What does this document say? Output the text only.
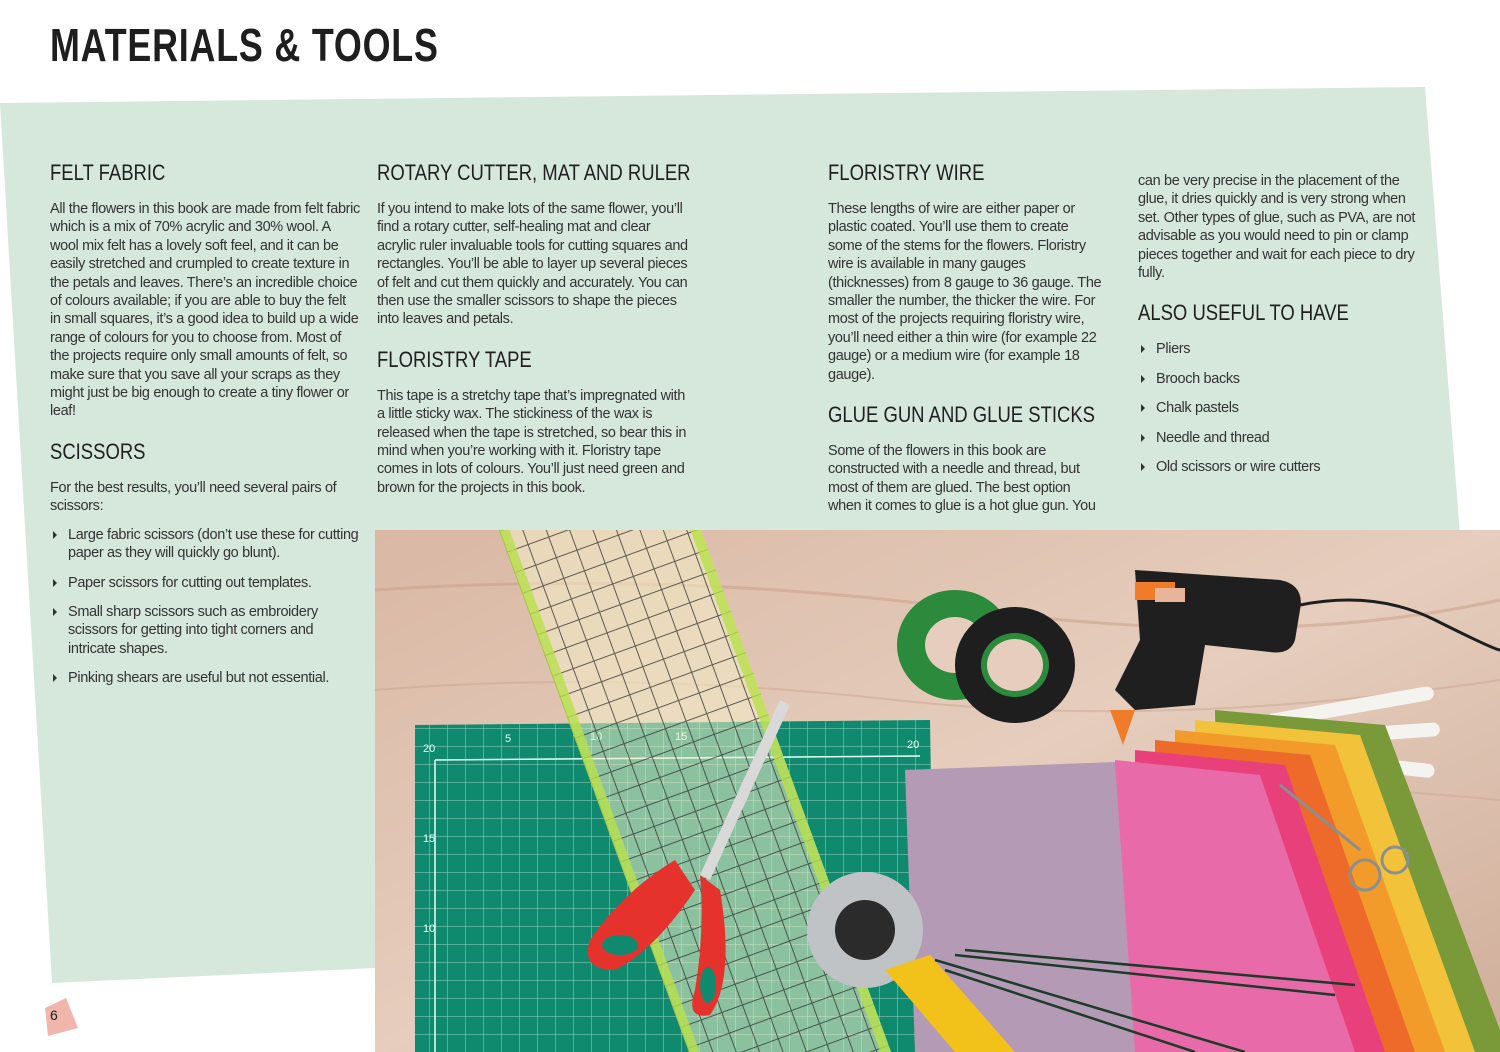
MATERIALS & TOOLS
FELT FABRIC

All the flowers in this book are made from felt fabric which is a mix of 70% acrylic and 30% wool. A wool mix felt has a lovely soft feel, and it can be easily stretched and crumpled to create texture in the petals and leaves. There’s an incredible choice of colours available; if you are able to buy the felt in small squares, it’s a good idea to build up a wide range of colours for you to choose from. Most of the projects require only small amounts of felt, so make sure that you save all your scraps as they might just be big enough to create a tiny flower or leaf!

SCISSORS

For the best results, you’ll need several pairs of scissors:

Large fabric scissors (don’t use these for cutting paper as they will quickly go blunt).
Paper scissors for cutting out templates.
Small sharp scissors such as embroidery scissors for getting into tight corners and intricate shapes.
Pinking shears are useful but not essential.
ROTARY CUTTER, MAT AND RULER

If you intend to make lots of the same flower, you’ll find a rotary cutter, self-healing mat and clear acrylic ruler invaluable tools for cutting squares and rectangles. You’ll be able to layer up several pieces of felt and cut them quickly and accurately. You can then use the smaller scissors to shape the pieces into leaves and petals.

FLORISTRY TAPE

This tape is a stretchy tape that’s impregnated with a little sticky wax. The stickiness of the wax is released when the tape is stretched, so bear this in mind when you’re working with it. Floristry tape comes in lots of colours. You’ll just need green and brown for the projects in this book.

FLORISTRY WIRE

These lengths of wire are either paper or plastic coated. You’ll use them to create some of the stems for the flowers. Floristry wire is available in many gauges (thicknesses) from 8 gauge to 36 gauge. The smaller the number, the thicker the wire. For most of the projects requiring floristry wire, you’ll need either a thin wire (for example 22 gauge) or a medium wire (for example 18 gauge).

GLUE GUN AND GLUE STICKS

Some of the flowers in this book are constructed with a needle and thread, but most of them are glued. The best option when it comes to glue is a hot glue gun. You

can be very precise in the placement of the glue, it dries quickly and is very strong when set. Other types of glue, such as PVA, are not advisable as you would need to pin or clamp pieces together and wait for each piece to dry fully.

ALSO USEFUL TO HAVE
Pliers
Brooch backs
Chalk pastels
Needle and thread
Old scissors or wire cutters
20
15
10
5	20
6
